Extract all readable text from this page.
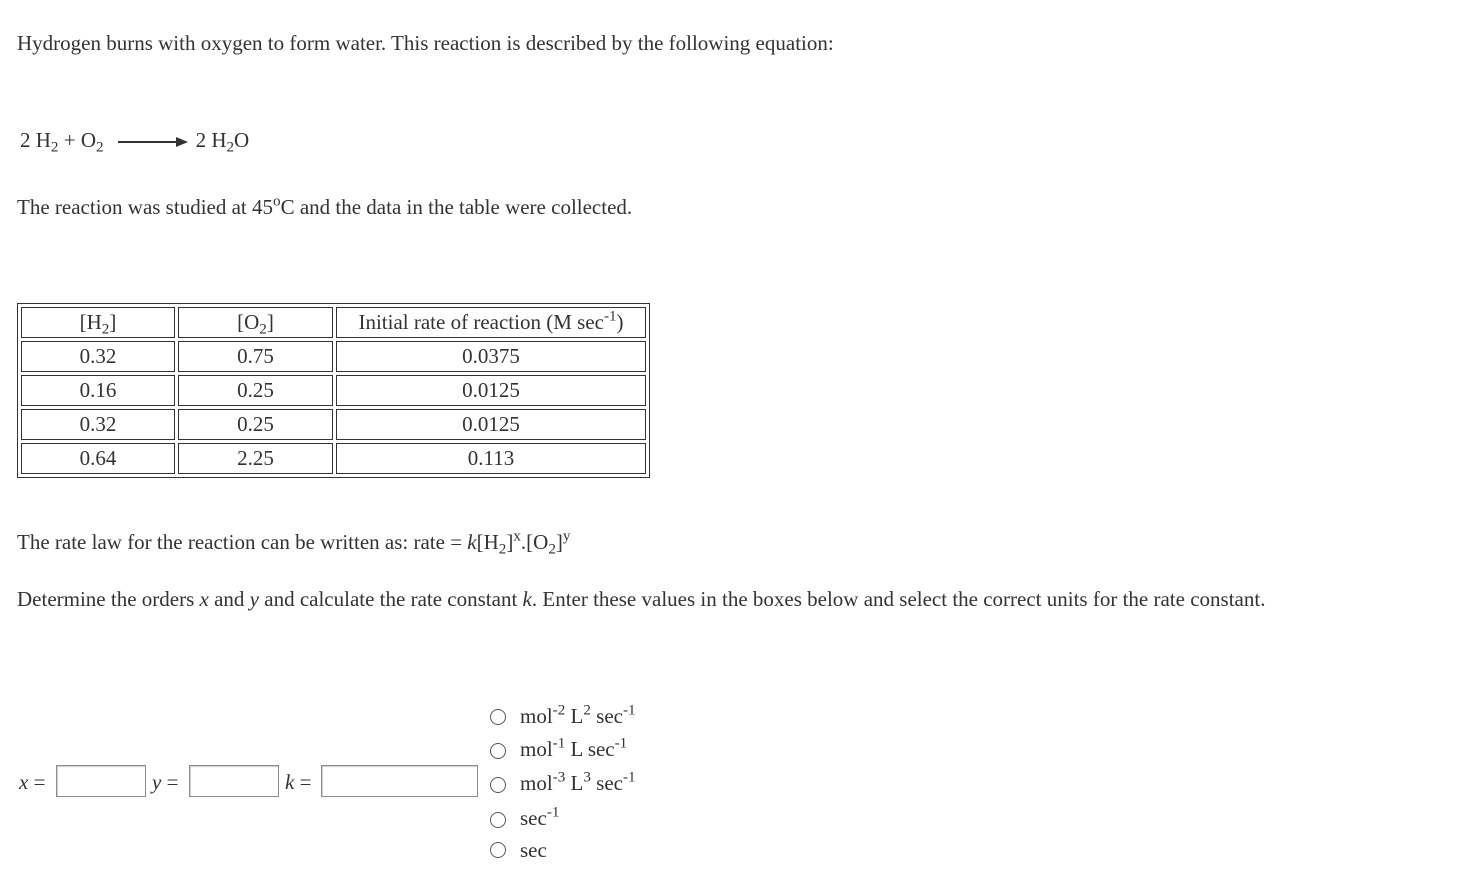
Hydrogen burns with oxygen to form water. This reaction is described by the following equation:
2 $H_2 + O_2 \to 2$ $H_2O$
The reaction was studied at 45$^o$C and the data in the table were collected.
$[H_2]$	$[O_2]$	Initial rate of reaction (M $\sec^{-1}$)
0.32	0.75	0.0375
0.16	0.25	0.0125
0.32	0.25	0.0125
0.64	2.25	0.113
The rate law for the reaction can be written as: rate = $k[H_2]^x.[O_2]^y$
Determine the orders x and y and calculate the rate constant k. Enter these values in the boxes below and select the correct units for the rate constant.
x =	y =	k =
mol$^{-2}$ $L^2$ $\sec^{-1}$
mol$^{-1}$ L $\sec^{-1}$
mol$^{-3}$ $L^3$ $\sec^{-1}$
$\sec^{-1}$
sec
